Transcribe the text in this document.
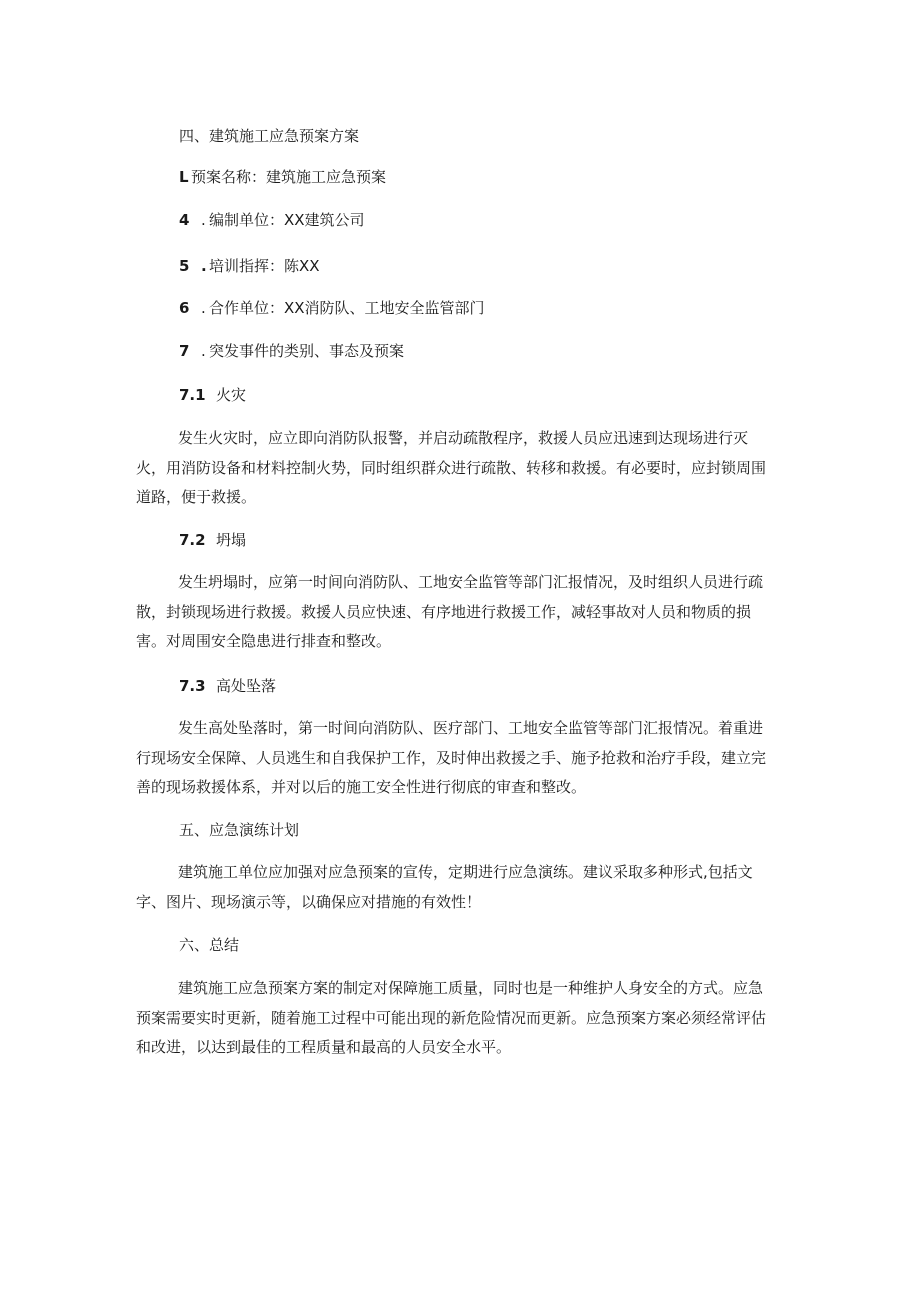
四、建筑施工应急预案方案
L 预案名称：建筑施工应急预案
4 . 编制单位：XX建筑公司
5 . 培训指挥：陈XX
6 . 合作单位：XX消防队、工地安全监管部门
7 . 突发事件的类别、事态及预案
7.1 火灾
发生火灾时，应立即向消防队报警，并启动疏散程序，救援人员应迅速到达现场进行灭
火，用消防设备和材料控制火势，同时组织群众进行疏散、转移和救援。有必要时，应封锁周围
道路，便于救援。
7.2 坍塌
发生坍塌时，应第一时间向消防队、工地安全监管等部门汇报情况，及时组织人员进行疏
散，封锁现场进行救援。救援人员应快速、有序地进行救援工作，减轻事故对人员和物质的损
害。对周围安全隐患进行排查和整改。
7.3 高处坠落
发生高处坠落时，第一时间向消防队、医疗部门、工地安全监管等部门汇报情况。着重进
行现场安全保障、人员逃生和自我保护工作，及时伸出救援之手、施予抢救和治疗手段，建立完
善的现场救援体系，并对以后的施工安全性进行彻底的审查和整改。
五、应急演练计划
建筑施工单位应加强对应急预案的宣传，定期进行应急演练。建议采取多种形式,包括文
字、图片、现场演示等，以确保应对措施的有效性！
六、总结
建筑施工应急预案方案的制定对保障施工质量，同时也是一种维护人身安全的方式。应急
预案需要实时更新，随着施工过程中可能出现的新危险情况而更新。应急预案方案必须经常评估
和改进，以达到最佳的工程质量和最高的人员安全水平。
